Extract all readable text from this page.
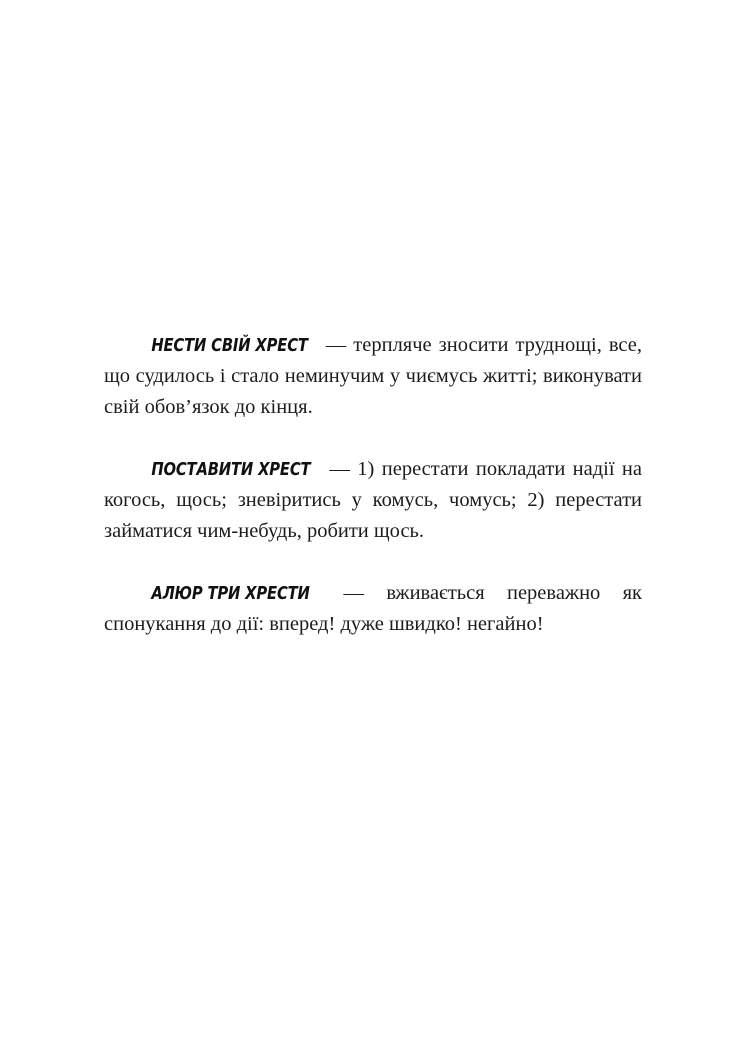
НЕСТИ СВІЙ ХРЕСТ — терпляче зносити труднощі, все, що судилось і стало неминучим у чиємусь житті; виконувати свій обов’язок до кінця.

ПОСТАВИТИ ХРЕСТ — 1) перестати покладати надії на когось, щось; зневіритись у комусь, чомусь; 2) перестати займатися чим-небудь, робити щось.

АЛЮР ТРИ ХРЕСТИ — вживається переважно як спонукання до дії: вперед! дуже швидко! негайно!
